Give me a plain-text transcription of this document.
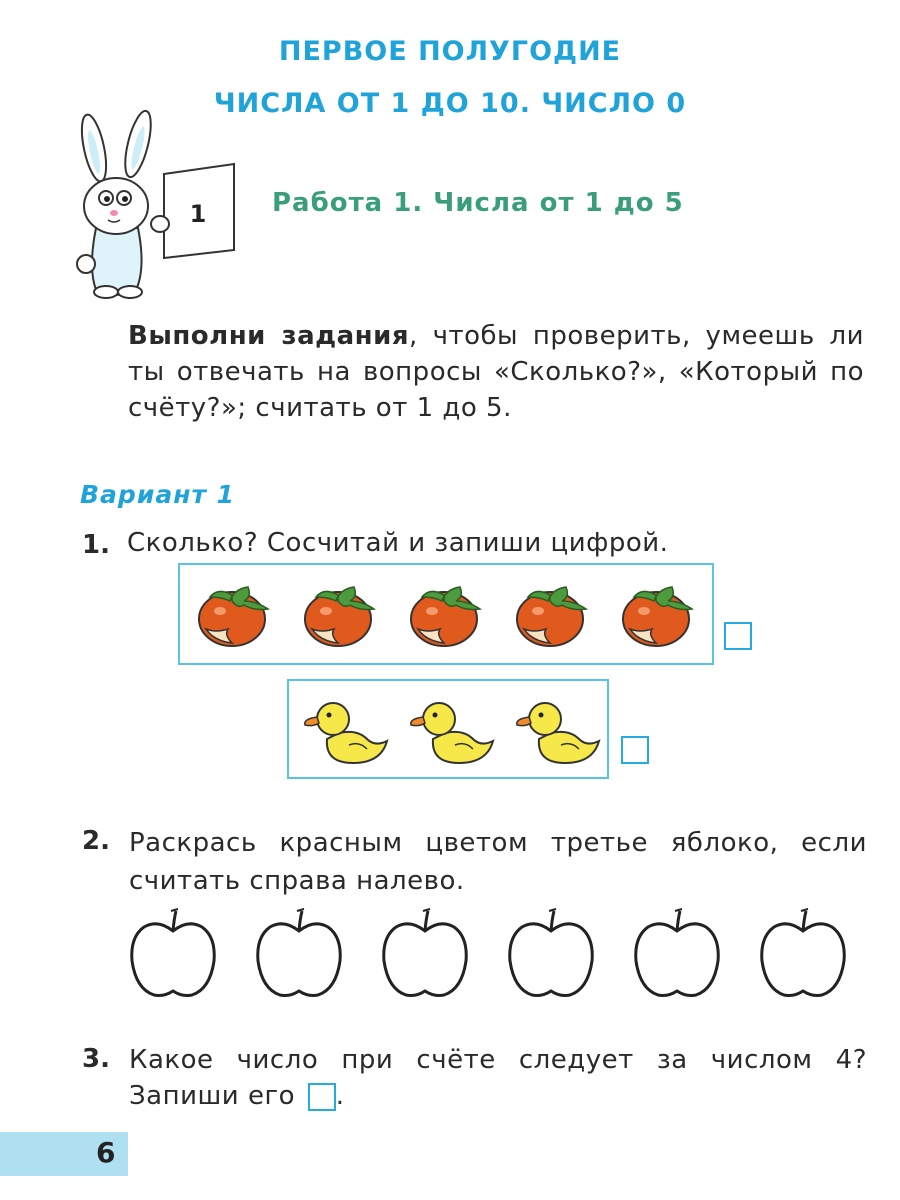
ПЕРВОЕ ПОЛУГОДИЕ
ЧИСЛА ОТ 1 ДО 10. ЧИСЛО 0
1	Работа 1. Числа от 1 до 5
Выполни задания, чтобы проверить, умеешь ли ты отвечать на вопросы «Сколько?», «Который по счёту?»; считать от 1 до 5.
Вариант 1
1. Сколько? Сосчитай и запиши цифрой.
2. Раскрась красным цветом третье яблоко, если считать справа налево.
3. Какое число при счёте следует за числом 4? Запиши его .
6
